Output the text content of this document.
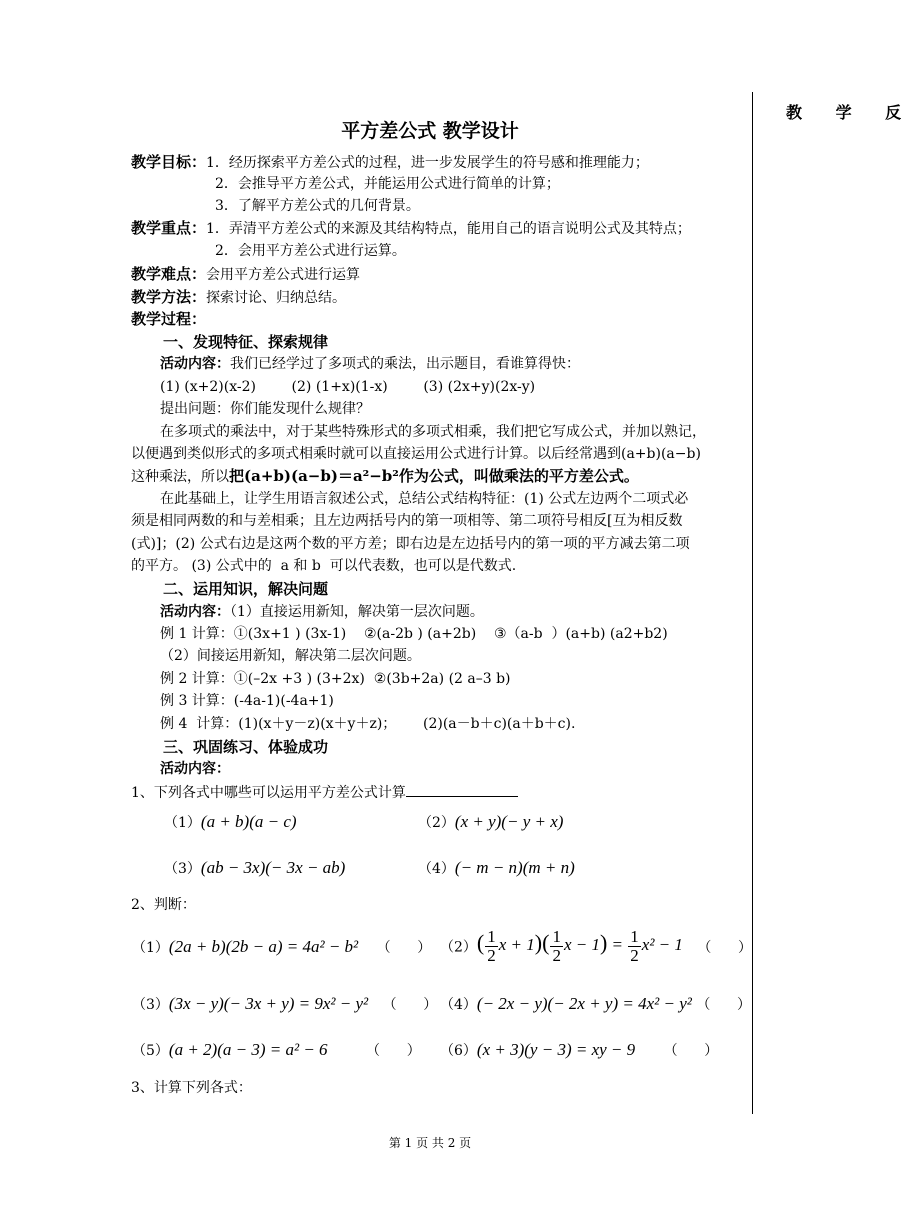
教 学 反
平方差公式 教学设计
教学目标：1．经历探索平方差公式的过程，进一步发展学生的符号感和推理能力；
2．会推导平方差公式，并能运用公式进行简单的计算；
3．了解平方差公式的几何背景。
教学重点：1．弄清平方差公式的来源及其结构特点，能用自己的语言说明公式及其特点；
2．会用平方差公式进行运算。
教学难点：会用平方差公式进行运算
教学方法：探索讨论、归纳总结。
教学过程：
一、发现特征、探索规律
活动内容：我们已经学过了多项式的乘法，出示题目，看谁算得快：
(1) (x+2)(x-2)        (2) (1+x)(1-x)        (3) (2x+y)(2x-y)
提出问题：你们能发现什么规律？
在多项式的乘法中，对于某些特殊形式的多项式相乘，我们把它写成公式，并加以熟记，
以便遇到类似形式的多项式相乘时就可以直接运用公式进行计算。以后经常遇到(a+b)(a−b)
这种乘法，所以把(a+b)(a−b)＝a²−b²作为公式，叫做乘法的平方差公式。
在此基础上，让学生用语言叙述公式，总结公式结构特征：(1) 公式左边两个二项式必
须是相同两数的和与差相乘；且左边两括号内的第一项相等、第二项符号相反[互为相反数
(式)]；(2) 公式右边是这两个数的平方差；即右边是左边括号内的第一项的平方减去第二项
的平方。 (3) 公式中的  a 和 b  可以代表数，也可以是代数式.
二、运用知识，解决问题
活动内容：（1）直接运用新知，解决第一层次问题。
例 1 计算：①(3x+1 ) (3x-1)    ②(a-2b ) (a+2b)    ③（a-b  ）(a+b) (a2+b2)
（2）间接运用新知，解决第二层次问题。
例 2 计算：①(–2x +3 ) (3+2x)  ②(3b+2a) (2 a–3 b)
例 3 计算：(-4a-1)(-4a+1)
例 4  计算：(1)(x＋y－z)(x＋y＋z)；      (2)(a－b＋c)(a＋b＋c).
三、巩固练习、体验成功
活动内容：
1、下列各式中哪些可以运用平方差公式计算
（1）(a + b)(a − c)	（2）(x + y)(− y + x)
（3）(ab − 3x)(− 3x − ab)	（4）(− m − n)(m + n)
2、判断：
（1）(2a + b)(2b − a) = 4a² − b² （      ） $(2)( \frac{1}{2}$ $x + 1)( \frac{1}{2}$ $x - 1) = \frac{1}{2} x^2 - 1$ （      ）
（3）(3x − y)(− 3x + y) = 9x² − y² （      ） （4）(− 2x − y)(− 2x + y) = 4x² − y² （      ）
（5）(a + 2)(a − 3) = a² − 6	（      ） （6）(x + 3)(y − 3) = xy − 9 （      ）
3、计算下列各式：
第 1 页 共 2 页
